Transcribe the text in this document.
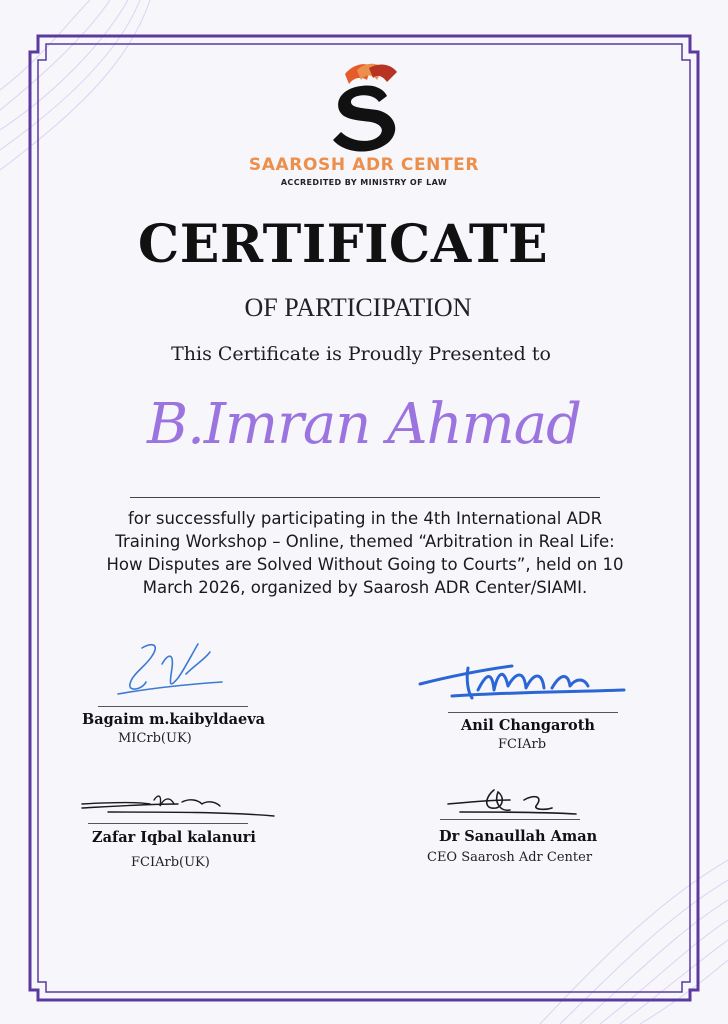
SAAROSH ADR CENTER
ACCREDITED BY MINISTRY OF LAW
CERTIFICATE
OF PARTICIPATION
This Certificate is Proudly Presented to
B.Imran Ahmad
for successfully participating in the 4th International ADR Training Workshop – Online, themed “Arbitration in Real Life: How Disputes are Solved Without Going to Courts”, held on 10 March 2026, organized by Saarosh ADR Center/SIAMI.
Bagaim m.kaibyldaeva
MICrb(UK)
Anil Changaroth
FCIArb
Zafar Iqbal kalanuri
FCIArb(UK)
Dr Sanaullah Aman
CEO Saarosh Adr Center
